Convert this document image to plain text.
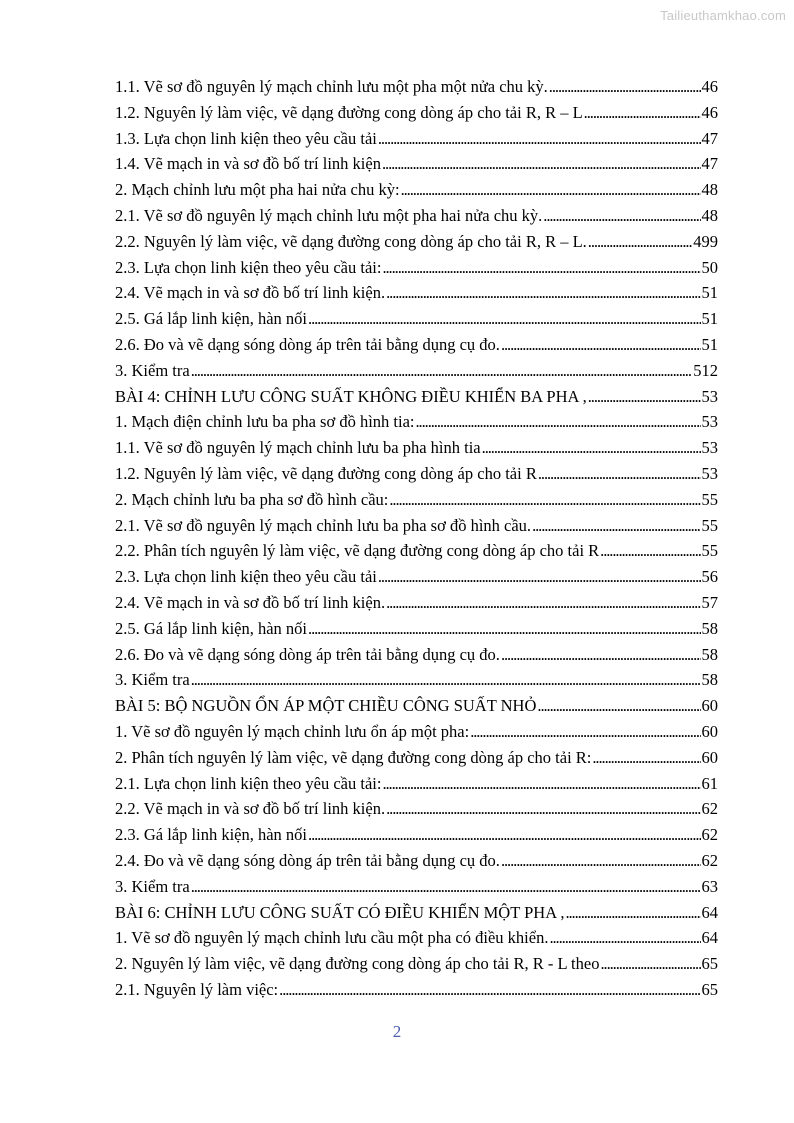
Tailieuthamkhao.com
1.1. Vẽ sơ đồ nguyên lý mạch chỉnh lưu một pha một nửa chu kỳ. . . .	46
1.2. Nguyên lý làm việc, vẽ dạng đường cong dòng áp cho tải R, R – L . . .	46
1.3. Lựa chọn linh kiện theo yêu cầu tải . . .	47
1.4. Vẽ mạch in và sơ đồ bố trí linh kiện . . .	47
2. Mạch chỉnh lưu một pha hai nửa chu kỳ: . . .	48
2.1. Vẽ sơ đồ nguyên lý mạch chỉnh lưu một pha hai nửa chu kỳ. . . .	48
2.2. Nguyên lý làm việc, vẽ dạng đường cong dòng áp cho tải R, R – L. . . .	499
2.3. Lựa chọn linh kiện theo yêu cầu tải: . . .	50
2.4. Vẽ mạch in và sơ đồ bố trí linh kiện. . . .	51
2.5. Gá lắp linh kiện, hàn nối . . .	51
2.6. Đo và vẽ dạng sóng dòng áp trên tải bằng dụng cụ đo. . . .	51
3. Kiểm tra . . .	512
BÀI 4: CHỈNH LƯU CÔNG SUẤT KHÔNG ĐIỀU KHIỂN BA PHA , . . .	53
1. Mạch điện chỉnh lưu ba pha sơ đồ hình tia: . . .	53
1.1. Vẽ sơ đồ nguyên lý mạch chỉnh lưu ba pha hình tia . . .	53
1.2. Nguyên lý làm việc, vẽ dạng đường cong dòng áp cho tải R . . .	53
2. Mạch chỉnh lưu ba pha sơ đồ hình cầu: . . .	55
2.1. Vẽ sơ đồ nguyên lý mạch chỉnh lưu ba pha sơ đồ hình cầu. . . .	55
2.2. Phân tích nguyên lý làm việc, vẽ dạng đường cong dòng áp cho tải R . . .	55
2.3. Lựa chọn linh kiện theo yêu cầu tải . . .	56
2.4. Vẽ mạch in và sơ đồ bố trí linh kiện. . . .	57
2.5. Gá lắp linh kiện, hàn nối . . .	58
2.6. Đo và vẽ dạng sóng dòng áp trên tải bằng dụng cụ đo. . . .	58
3. Kiểm tra . . .	58
BÀI 5: BỘ NGUỒN ỔN ÁP MỘT CHIỀU CÔNG SUẤT NHỎ . . .	60
1. Vẽ sơ đồ nguyên lý mạch chỉnh lưu ổn áp một pha: . . .	60
2. Phân tích nguyên lý làm việc, vẽ dạng đường cong dòng áp cho tải R: . . .	60
2.1. Lựa chọn linh kiện theo yêu cầu tải: . . .	61
2.2. Vẽ mạch in và sơ đồ bố trí linh kiện. . . .	62
2.3. Gá lắp linh kiện, hàn nối . . .	62
2.4. Đo và vẽ dạng sóng dòng áp trên tải bằng dụng cụ đo. . . .	62
3. Kiểm tra . . .	63
BÀI 6: CHỈNH LƯU CÔNG SUẤT CÓ ĐIỀU KHIỂN MỘT PHA , . . .	64
1. Vẽ sơ đồ nguyên lý mạch chỉnh lưu cầu một pha có điều khiển. . . .	64
2. Nguyên lý làm việc, vẽ dạng đường cong dòng áp cho tải R, R - L theo . . .	65
2.1. Nguyên lý làm việc: . . .	65
2
